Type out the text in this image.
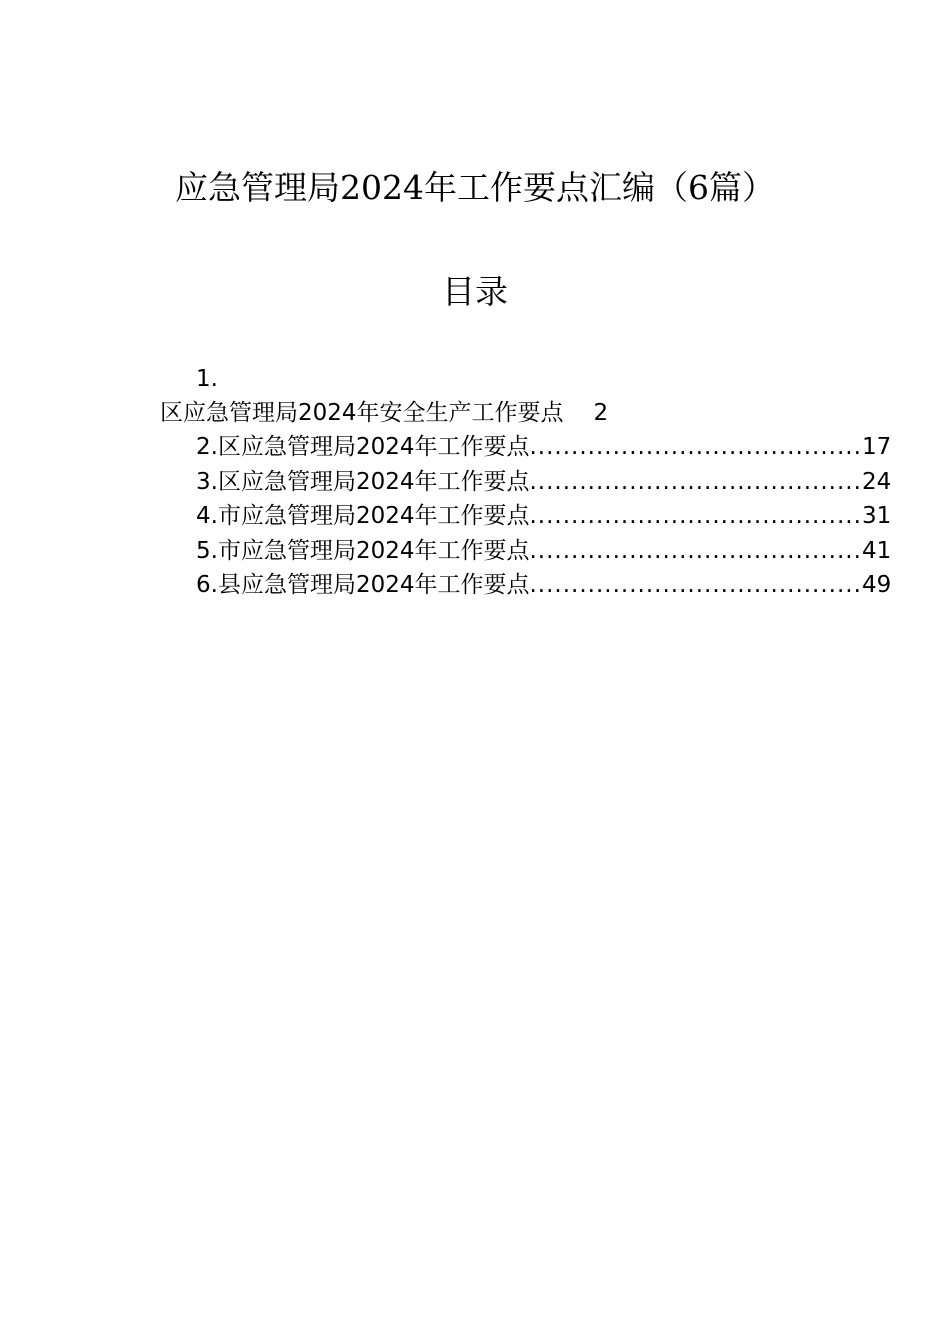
应急管理局2024年工作要点汇编（6篇）
目录
1.
区应急管理局2024年安全生产工作要点 2
2.区应急管理局2024年工作要点 ........................................ 17
3.区应急管理局2024年工作要点 ........................................ 24
4.市应急管理局2024年工作要点 ........................................ 31
5.市应急管理局2024年工作要点 ........................................ 41
6.县应急管理局2024年工作要点 ........................................ 49
